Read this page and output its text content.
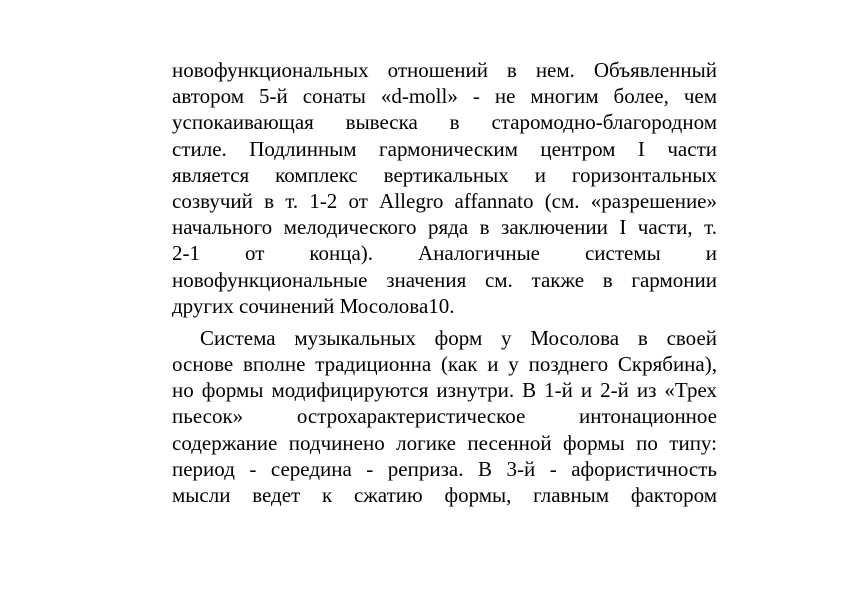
новофункциональных отношений в нем. Объявленный
автором 5-й сонаты «d-moll» - не многим более, чем
успокаивающая вывеска в старомодно-благородном
стиле. Подлинным гармоническим центром I части
является комплекс вертикальных и горизонтальных
созвучий в т. 1-2 от Allegro affannato (см. «разрешение»
начального мелодического ряда в заключении I части, т.
2-1 от конца). Аналогичные системы и
новофункциональные значения см. также в гармонии
других сочинений Мосолова10.
Система музыкальных форм у Мосолова в своей
основе вполне традиционна (как и у позднего Скрябина),
но формы модифицируются изнутри. В 1-й и 2-й из «Трех
пьесок» острохарактеристическое интонационное
содержание подчинено логике песенной формы по типу:
период - середина - реприза. В 3-й - афористичность
мысли ведет к сжатию формы, главным фактором
